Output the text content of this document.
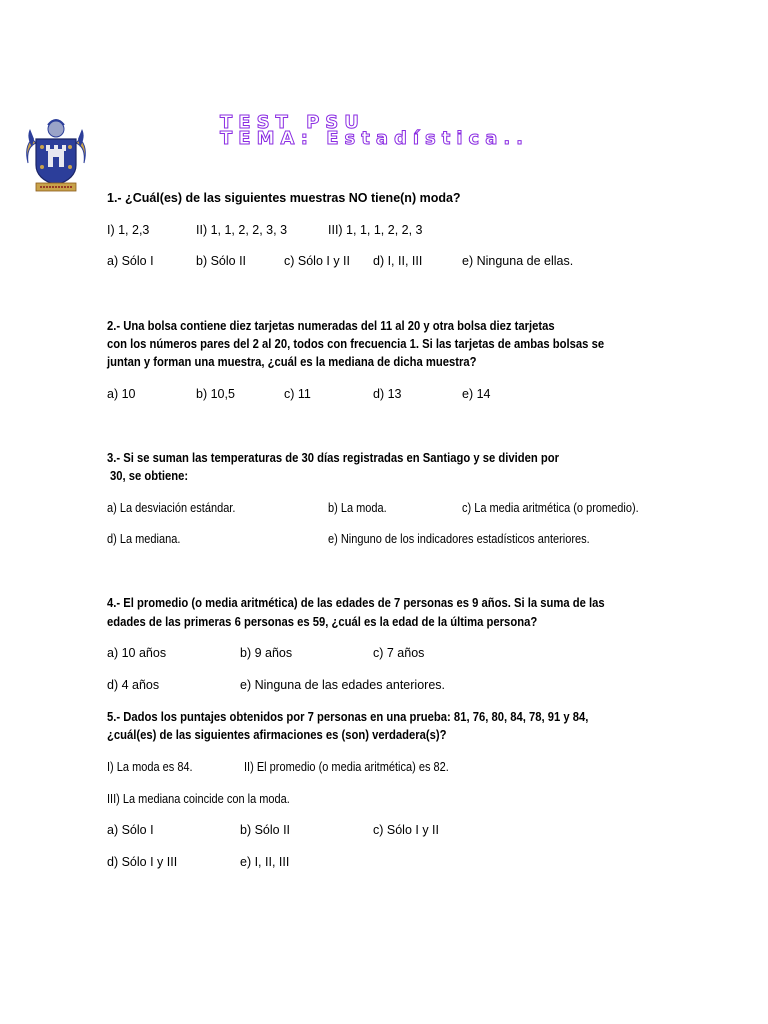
TEST PSU
TEMA: Estadística..
1.- ¿Cuál(es) de las siguientes muestras NO tiene(n) moda?
I) 1, 2,3	II) 1, 1, 2, 2, 3, 3	III) 1, 1, 1, 2, 2, 3
a) Sólo I	b) Sólo II	c) Sólo I y II d) I, II, III	e) Ninguna de ellas.
2.- Una bolsa contiene diez tarjetas numeradas del 11 al 20 y otra bolsa diez tarjetas
con los números pares del 2 al 20, todos con frecuencia 1. Si las tarjetas de ambas bolsas se
juntan y forman una muestra, ¿cuál es la mediana de dicha muestra?
a) 10	b) 10,5	c) 11	d) 13	e) 14
3.- Si se suman las temperaturas de 30 días registradas en Santiago y se dividen por
30, se obtiene:
a) La desviación estándar.	b) La moda.	c) La media aritmética (o promedio).
d) La mediana.	e) Ninguno de los indicadores estadísticos anteriores.
4.- El promedio (o media aritmética) de las edades de 7 personas es 9 años. Si la suma de las
edades de las primeras 6 personas es 59, ¿cuál es la edad de la última persona?
a) 10 años	b) 9 años	c) 7 años
d) 4 años	e) Ninguna de las edades anteriores.
5.- Dados los puntajes obtenidos por 7 personas en una prueba: 81, 76, 80, 84, 78, 91 y 84,
¿cuál(es) de las siguientes afirmaciones es (son) verdadera(s)?
I) La moda es 84.	II) El promedio (o media aritmética) es 82.
III) La mediana coincide con la moda.
a) Sólo I	b) Sólo II	c) Sólo I y II
d) Sólo I y III	e) I, II, III
